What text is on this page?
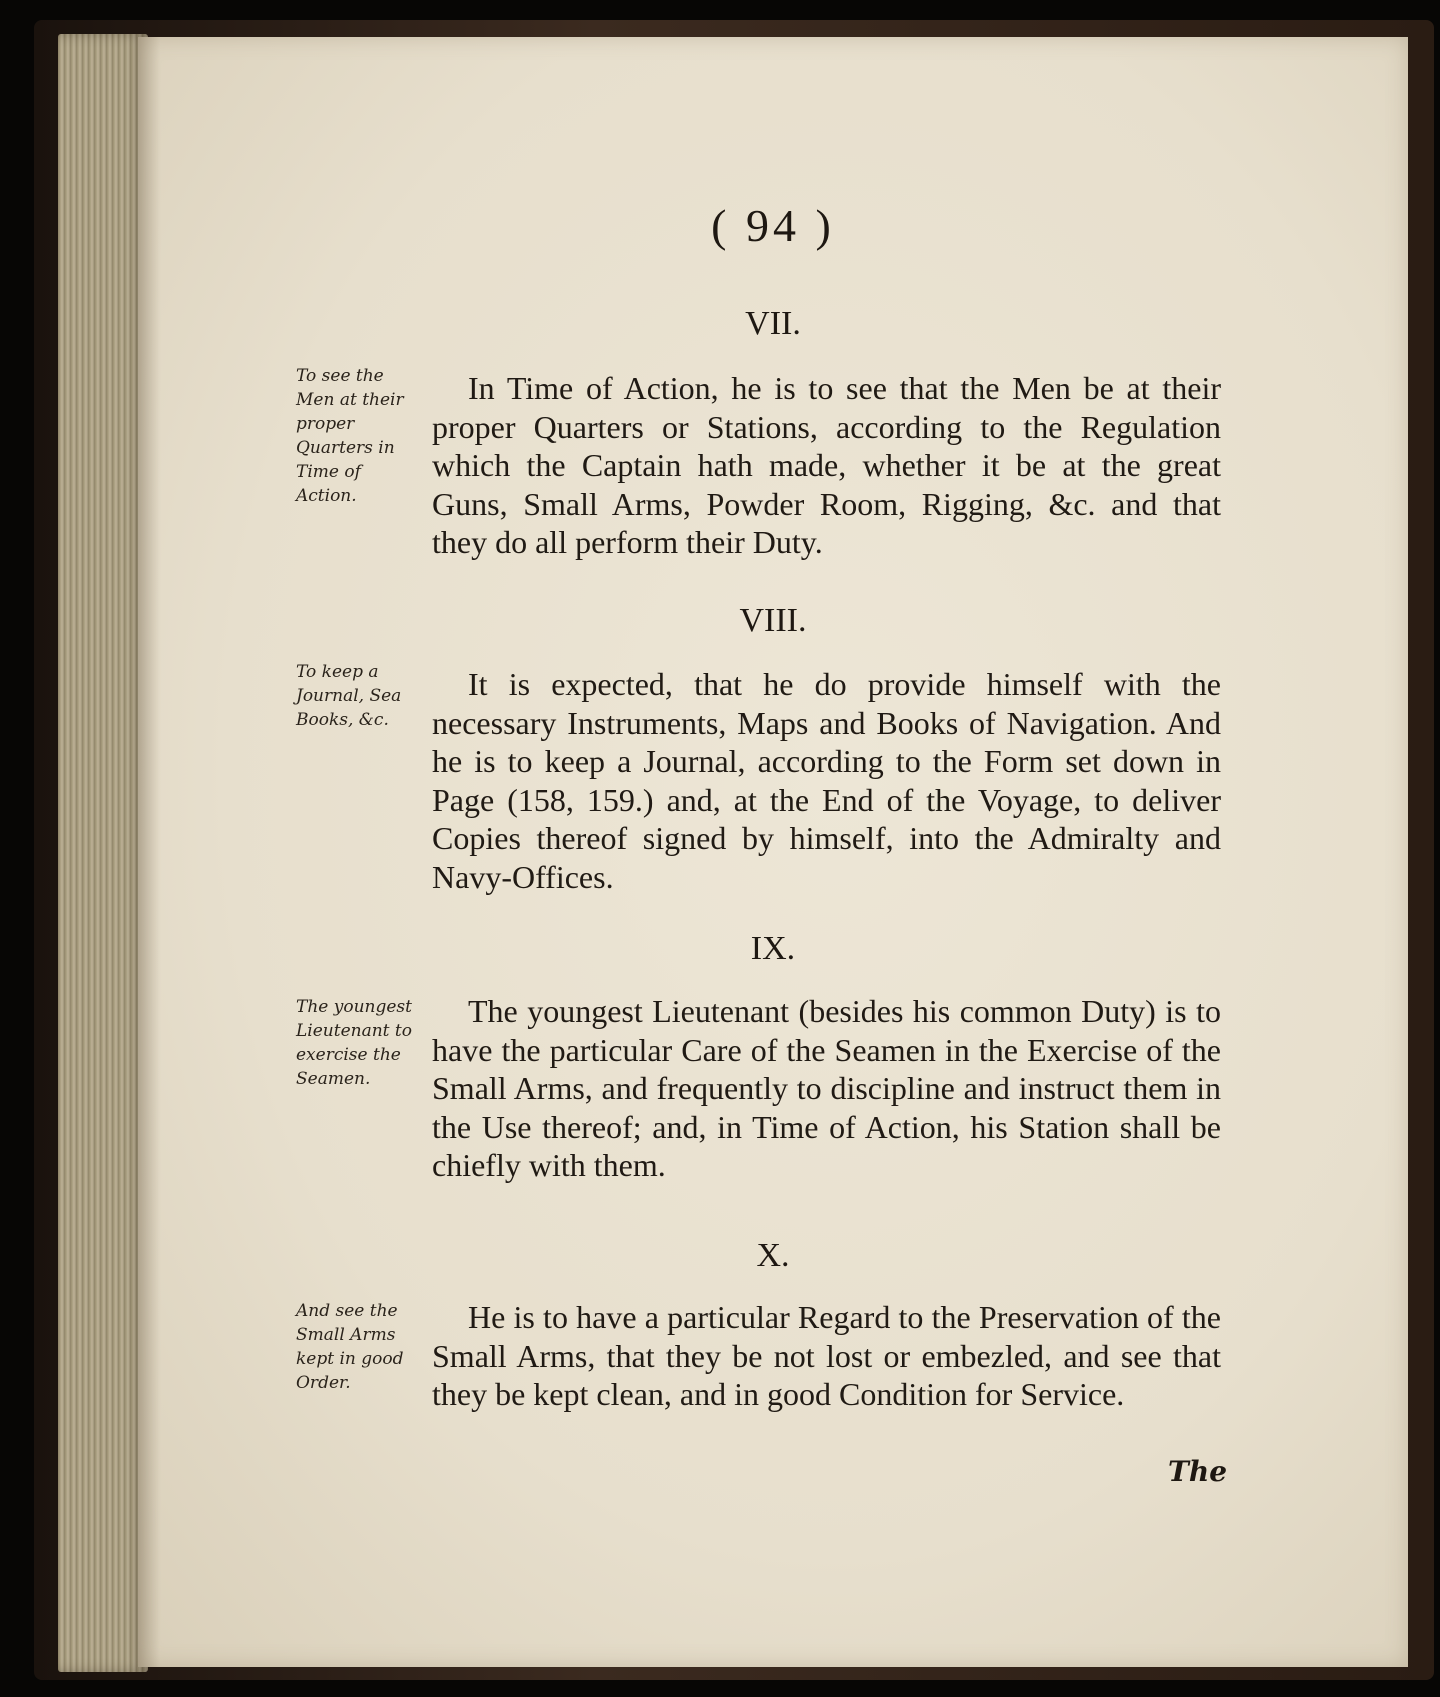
( 94 )
VII.

To see the Men at their proper Quarters in Time of Action.

In Time of Action, he is to see that the Men be at their proper Quarters or Stations, according to the Regulation which the Captain hath made, whether it be at the great Guns, Small Arms, Powder Room, Rigging, &c. and that they do all perform their Duty.

VIII.

To keep a Journal, Sea Books, &c.

It is expected, that he do provide himself with the necessary Instruments, Maps and Books of Navigation. And he is to keep a Journal, according to the Form set down in Page (158, 159.) and, at the End of the Voyage, to deliver Copies thereof signed by himself, into the Admiralty and Navy-Offices.

IX.

The youngest Lieutenant to exercise the Seamen.

The youngest Lieutenant (besides his common Duty) is to have the particular Care of the Seamen in the Exercise of the Small Arms, and frequently to discipline and instruct them in the Use thereof; and, in Time of Action, his Station shall be chiefly with them.

X.

And see the Small Arms kept in good Order.

He is to have a particular Regard to the Preservation of the Small Arms, that they be not lost or embezled, and see that they be kept clean, and in good Condition for Service.

The
